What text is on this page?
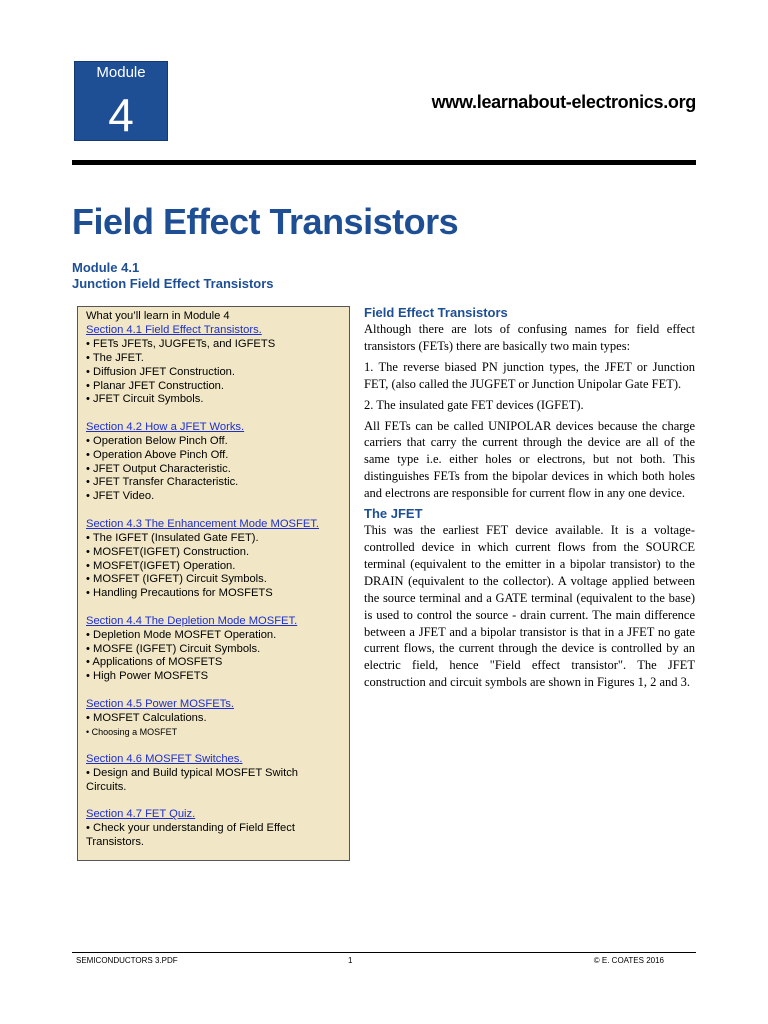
Module
4	www.learnabout-electronics.org
Field Effect Transistors
Module 4.1
Junction Field Effect Transistors
What you’ll learn in Module 4
Section 4.1 Field Effect Transistors.
• FETs JFETs, JUGFETs, and IGFETS
• The JFET.
• Diffusion JFET Construction.
• Planar JFET Construction.
• JFET Circuit Symbols.
Section 4.2 How a JFET Works.
• Operation Below Pinch Off.
• Operation Above Pinch Off.
• JFET Output Characteristic.
• JFET Transfer Characteristic.
• JFET Video.
Section 4.3 The Enhancement Mode MOSFET.
• The IGFET (Insulated Gate FET).
• MOSFET(IGFET) Construction.
• MOSFET(IGFET) Operation.
• MOSFET (IGFET) Circuit Symbols.
• Handling Precautions for MOSFETS
Section 4.4 The Depletion Mode MOSFET.
• Depletion Mode MOSFET Operation.
• MOSFE (IGFET) Circuit Symbols.
• Applications of MOSFETS
• High Power MOSFETS
Section 4.5 Power MOSFETs.
• MOSFET Calculations.
• Choosing a MOSFET
Section 4.6 MOSFET Switches.
• Design and Build typical MOSFET Switch
Circuits.
Section 4.7 FET Quiz.
• Check your understanding of Field Effect
Transistors.
Field Effect Transistors

Although there are lots of confusing names for field effect transistors (FETs) there are basically two main types:

1. The reverse biased PN junction types, the JFET or Junction FET, (also called the JUGFET or Junction Unipolar Gate FET).

2. The insulated gate FET devices (IGFET).

All FETs can be called UNIPOLAR devices because the charge carriers that carry the current through the device are all of the same type i.e. either holes or electrons, but not both. This distinguishes FETs from the bipolar devices in which both holes and electrons are responsible for current flow in any one device.

The JFET

This was the earliest FET device available. It is a voltage-controlled device in which current flows from the SOURCE terminal (equivalent to the emitter in a bipolar transistor) to the DRAIN (equivalent to the collector). A voltage applied between the source terminal and a GATE terminal (equivalent to the base) is used to control the source - drain current. The main difference between a JFET and a bipolar transistor is that in a JFET no gate current flows, the current through the device is controlled by an electric field, hence "Field effect transistor". The JFET construction and circuit symbols are shown in Figures 1, 2 and 3.

SEMICONDUCTORS 3.PDF	1	© E. COATES 2016
